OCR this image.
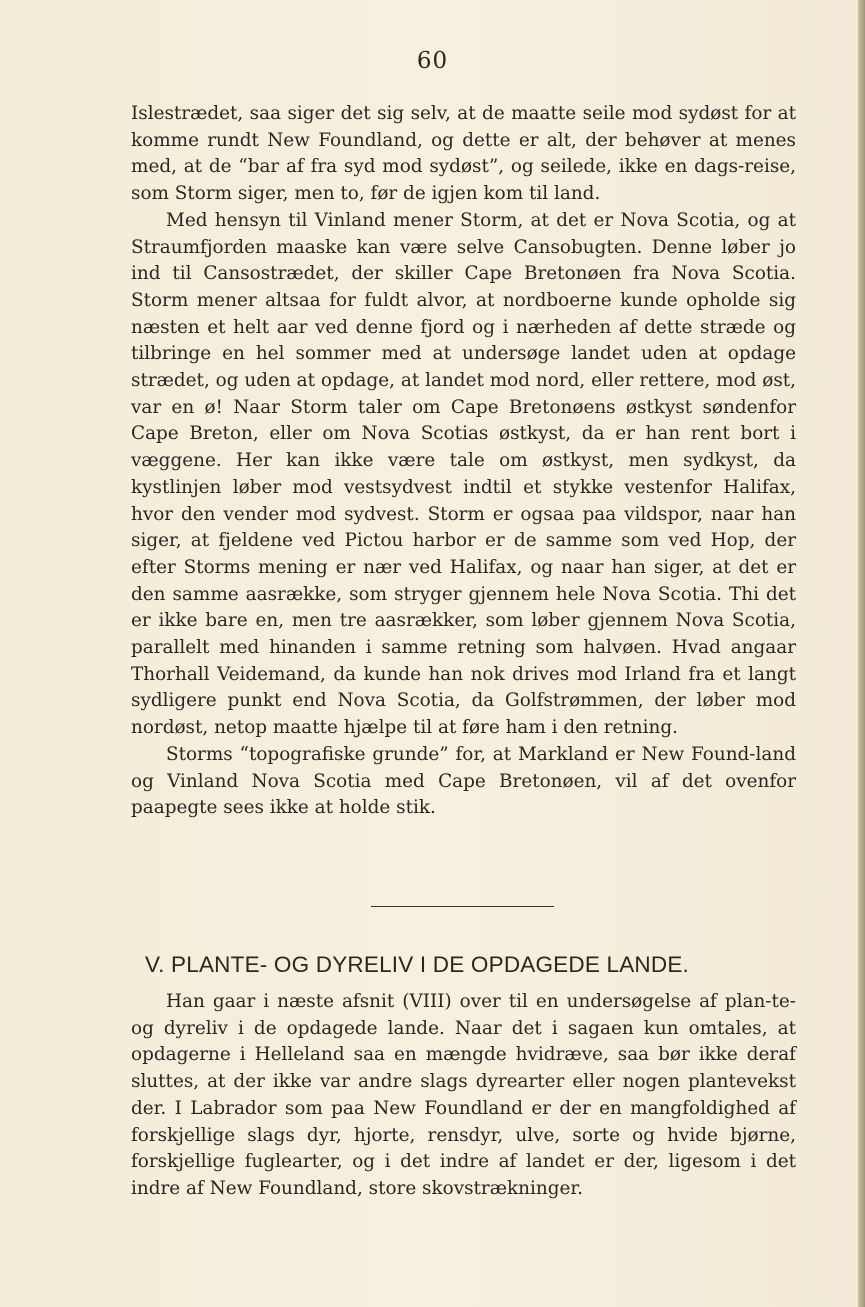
60

Islestrædet, saa siger det sig selv, at de maatte seile mod sydøst for at komme rundt New Foundland, og dette er alt, der behøver at menes med, at de “bar af fra syd mod sydøst”, og seilede, ikke en dags-reise, som Storm siger, men to, før de igjen kom til land.

Med hensyn til Vinland mener Storm, at det er Nova Scotia, og at Straumfjorden maaske kan være selve Cansobugten. Denne løber jo ind til Cansostrædet, der skiller Cape Bretonøen fra Nova Scotia. Storm mener altsaa for fuldt alvor, at nordboerne kunde opholde sig næsten et helt aar ved denne fjord og i nærheden af dette stræde og tilbringe en hel sommer med at undersøge landet uden at opdage strædet, og uden at opdage, at landet mod nord, eller rettere, mod øst, var en ø! Naar Storm taler om Cape Bretonøens østkyst søndenfor Cape Breton, eller om Nova Scotias østkyst, da er han rent bort i væggene. Her kan ikke være tale om østkyst, men sydkyst, da kystlinjen løber mod vestsydvest indtil et stykke vestenfor Halifax, hvor den vender mod sydvest. Storm er ogsaa paa vildspor, naar han siger, at fjeldene ved Pictou harbor er de samme som ved Hop, der efter Storms mening er nær ved Halifax, og naar han siger, at det er den samme aasrække, som stryger gjennem hele Nova Scotia. Thi det er ikke bare en, men tre aasrækker, som løber gjennem Nova Scotia, parallelt med hinanden i samme retning som halvøen. Hvad angaar Thorhall Veidemand, da kunde han nok drives mod Irland fra et langt sydligere punkt end Nova Scotia, da Golfstrømmen, der løber mod nordøst, netop maatte hjælpe til at føre ham i den retning.

Storms “topografiske grunde” for, at Markland er New Found-land og Vinland Nova Scotia med Cape Bretonøen, vil af det ovenfor paapegte sees ikke at holde stik.

V. PLANTE- OG DYRELIV I DE OPDAGEDE LANDE.

Han gaar i næste afsnit (VIII) over til en undersøgelse af plan-te- og dyreliv i de opdagede lande. Naar det i sagaen kun omtales, at opdagerne i Helleland saa en mængde hvidræve, saa bør ikke deraf sluttes, at der ikke var andre slags dyrearter eller nogen plantevekst der. I Labrador som paa New Foundland er der en mangfoldighed af forskjellige slags dyr, hjorte, rensdyr, ulve, sorte og hvide bjørne, forskjellige fuglearter, og i det indre af landet er der, ligesom i det indre af New Foundland, store skovstrækninger.
